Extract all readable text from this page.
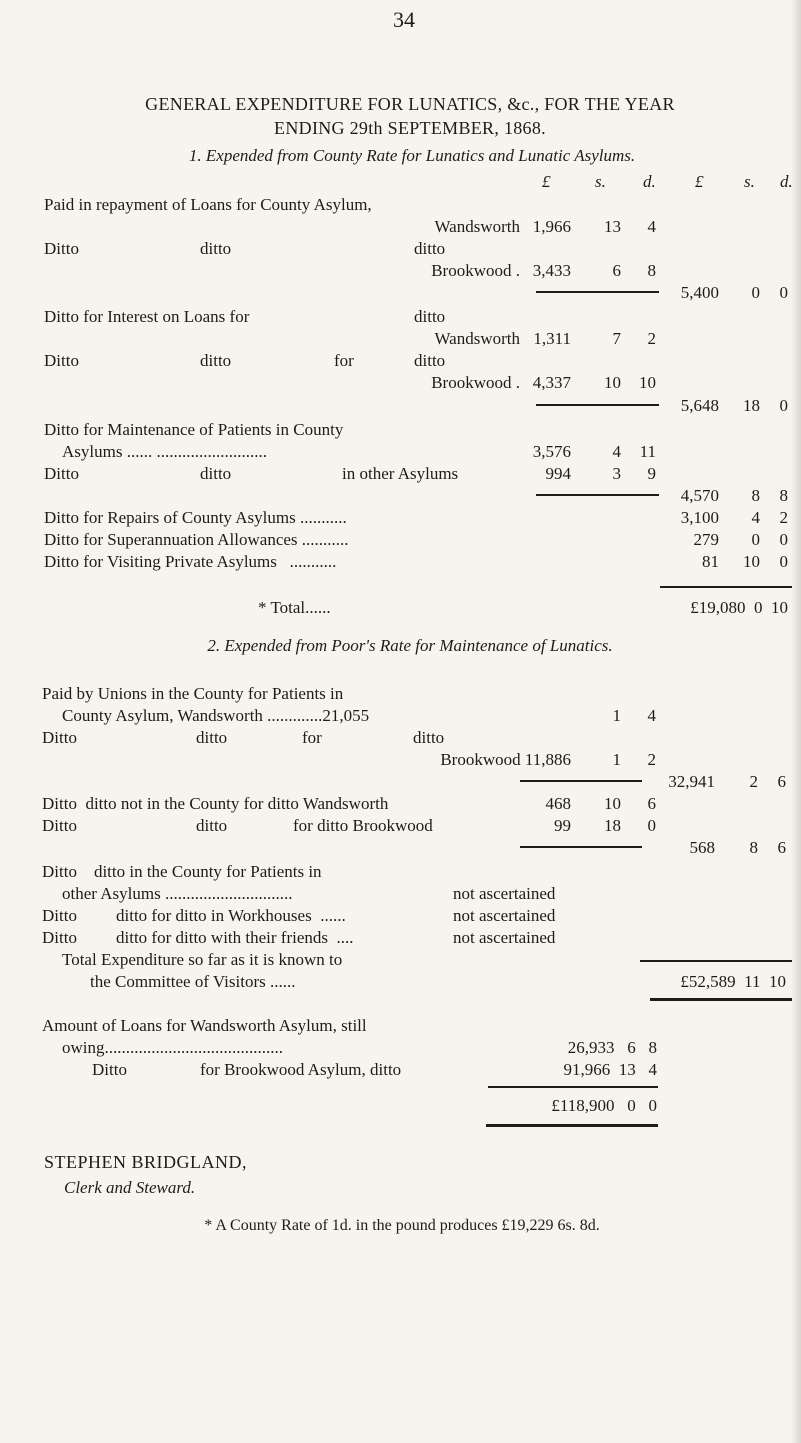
34
GENERAL EXPENDITURE FOR LUNATICS, &c., FOR THE YEAR
ENDING 29th SEPTEMBER, 1868.
1. Expended from County Rate for Lunatics and Lunatic Asylums.
£	s. d. £ s. d.
Paid in repayment of Loans for County Asylum,
Wandsworth 1,966 13 4
Ditto	ditto	ditto
Brookwood . 3,433 6 8
5,400 0 0
Ditto for Interest on Loans for	ditto
Wandsworth 1,311 7 2
Ditto	ditto	for	ditto
Brookwood . 4,337 10 10
5,648 18 0
Ditto for Maintenance of Patients in County
Asylums ...... ..........................	3,576 4 11
Ditto	ditto	in other Asylums	994 3 9
4,570 8 8
Ditto for Repairs of County Asylums ...........	3,100 4 2
Ditto for Superannuation Allowances ...........	279 0 0
Ditto for Visiting Private Asylums   ...........	81 10 0
* Total......	£19,080  0  10
2. Expended from Poor's Rate for Maintenance of Lunatics.
Paid by Unions in the County for Patients in
County Asylum, Wandsworth .............21,055	1 4
Ditto	ditto	for	ditto
Brookwood 11,886 1 2
32,941 2 6
Ditto  ditto not in the County for ditto Wandsworth	468 10 6
Ditto	ditto	for ditto Brookwood	99 18 0
568 8 6
Ditto    ditto in the County for Patients in
other Asylums ..............................	not ascertained
Ditto ditto for ditto in Workhouses  ......	not ascertained
Ditto ditto for ditto with their friends  ....	not ascertained
Total Expenditure so far as it is known to
the Committee of Visitors ......	£52,589  11  10
Amount of Loans for Wandsworth Asylum, still
owing..........................................	26,933   6   8
Ditto	for Brookwood Asylum, ditto	91,966  13   4
£118,900   0   0
STEPHEN BRIDGLAND,
Clerk and Steward.
* A County Rate of 1d. in the pound produces £19,229 6s. 8d.
